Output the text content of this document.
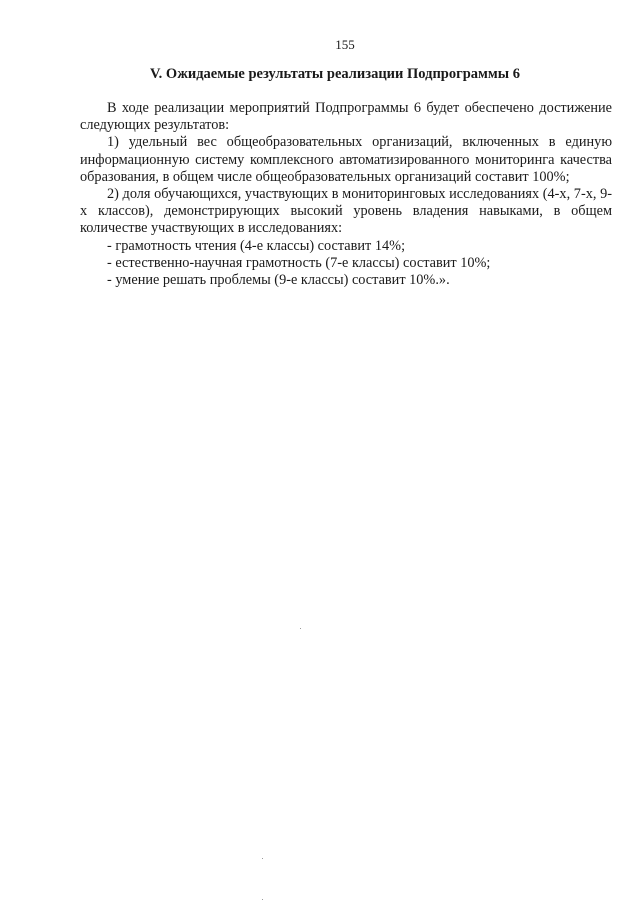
155
V. Ожидаемые результаты реализации Подпрограммы 6

В ходе реализации мероприятий Подпрограммы 6 будет обеспечено достижение следующих результатов:

1) удельный вес общеобразовательных организаций, включенных в единую информационную систему комплексного автоматизированного мониторинга качества образования, в общем числе общеобразовательных организаций составит 100%;

2) доля обучающихся, участвующих в мониторинговых исследованиях (4-х, 7-х, 9-х классов), демонстрирующих высокий уровень владения навыками, в общем количестве участвующих в исследованиях:

- грамотность чтения (4-е классы) составит 14%;

- естественно-научная грамотность (7-е классы) составит 10%;

- умение решать проблемы (9-е классы) составит 10%.».
